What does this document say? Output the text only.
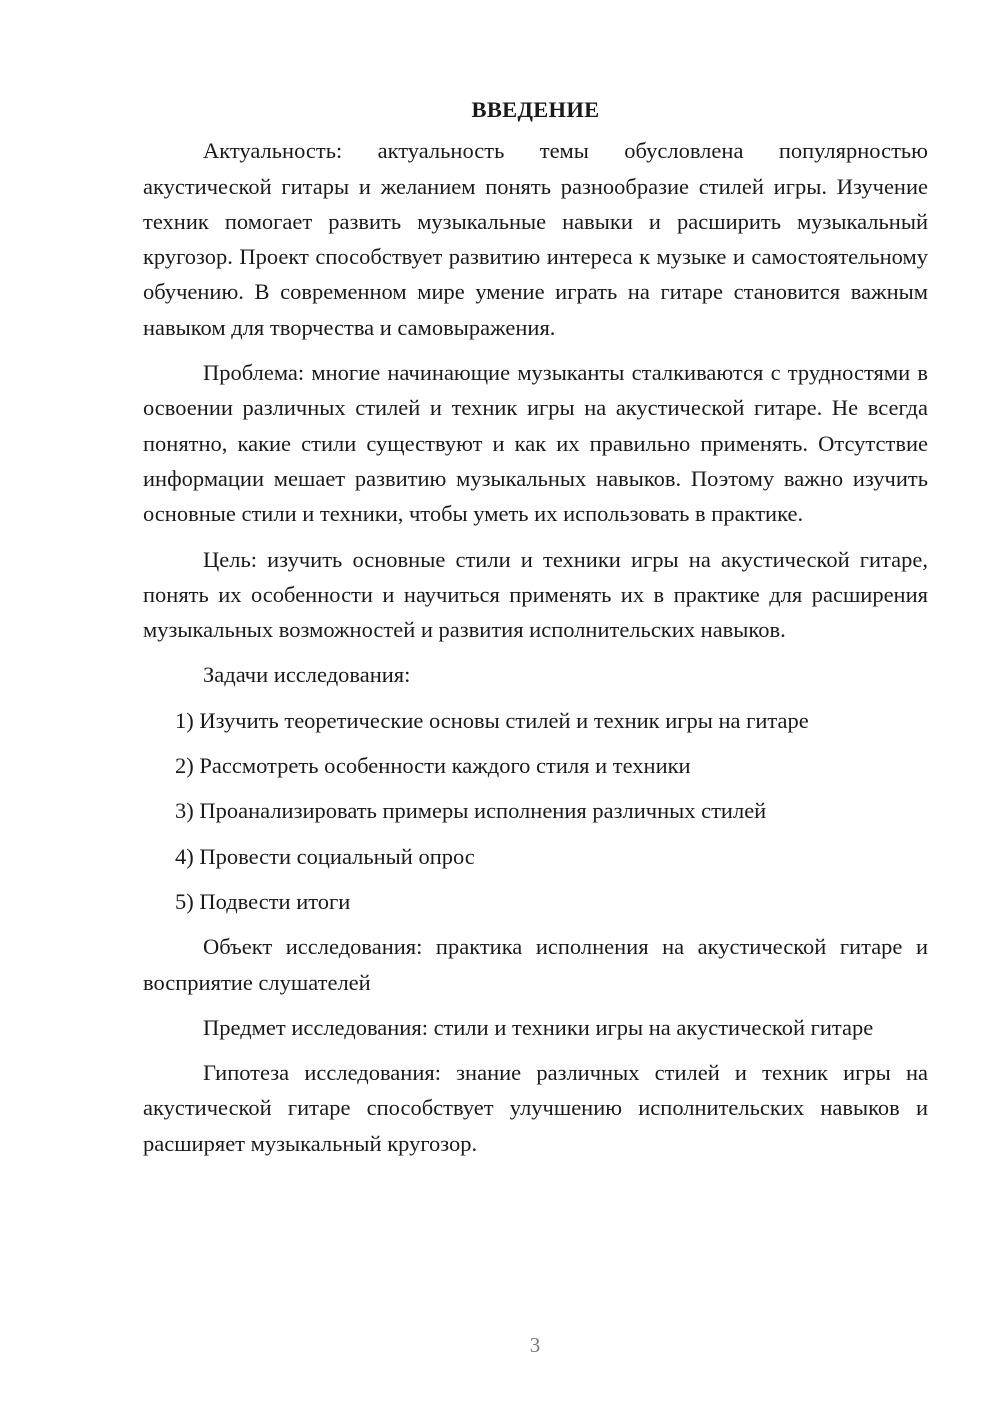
ВВЕДЕНИЕ

Актуальность: актуальность темы обусловлена популярностью акустической гитары и желанием понять разнообразие стилей игры. Изучение техник помогает развить музыкальные навыки и расширить музыкальный кругозор. Проект способствует развитию интереса к музыке и самостоятельному обучению. В современном мире умение играть на гитаре становится важным навыком для творчества и самовыражения.

Проблема: многие начинающие музыканты сталкиваются с трудностями в освоении различных стилей и техник игры на акустической гитаре. Не всегда понятно, какие стили существуют и как их правильно применять. Отсутствие информации мешает развитию музыкальных навыков. Поэтому важно изучить основные стили и техники, чтобы уметь их использовать в практике.

Цель: изучить основные стили и техники игры на акустической гитаре, понять их особенности и научиться применять их в практике для расширения музыкальных возможностей и развития исполнительских навыков.

Задачи исследования:

1) Изучить теоретические основы стилей и техник игры на гитаре
2) Рассмотреть особенности каждого стиля и техники
3) Проанализировать примеры исполнения различных стилей
4) Провести социальный опрос
5) Подвести итоги

Объект исследования: практика исполнения на акустической гитаре и восприятие слушателей

Предмет исследования: стили и техники игры на акустической гитаре

Гипотеза исследования: знание различных стилей и техник игры на акустической гитаре способствует улучшению исполнительских навыков и расширяет музыкальный кругозор.

3
